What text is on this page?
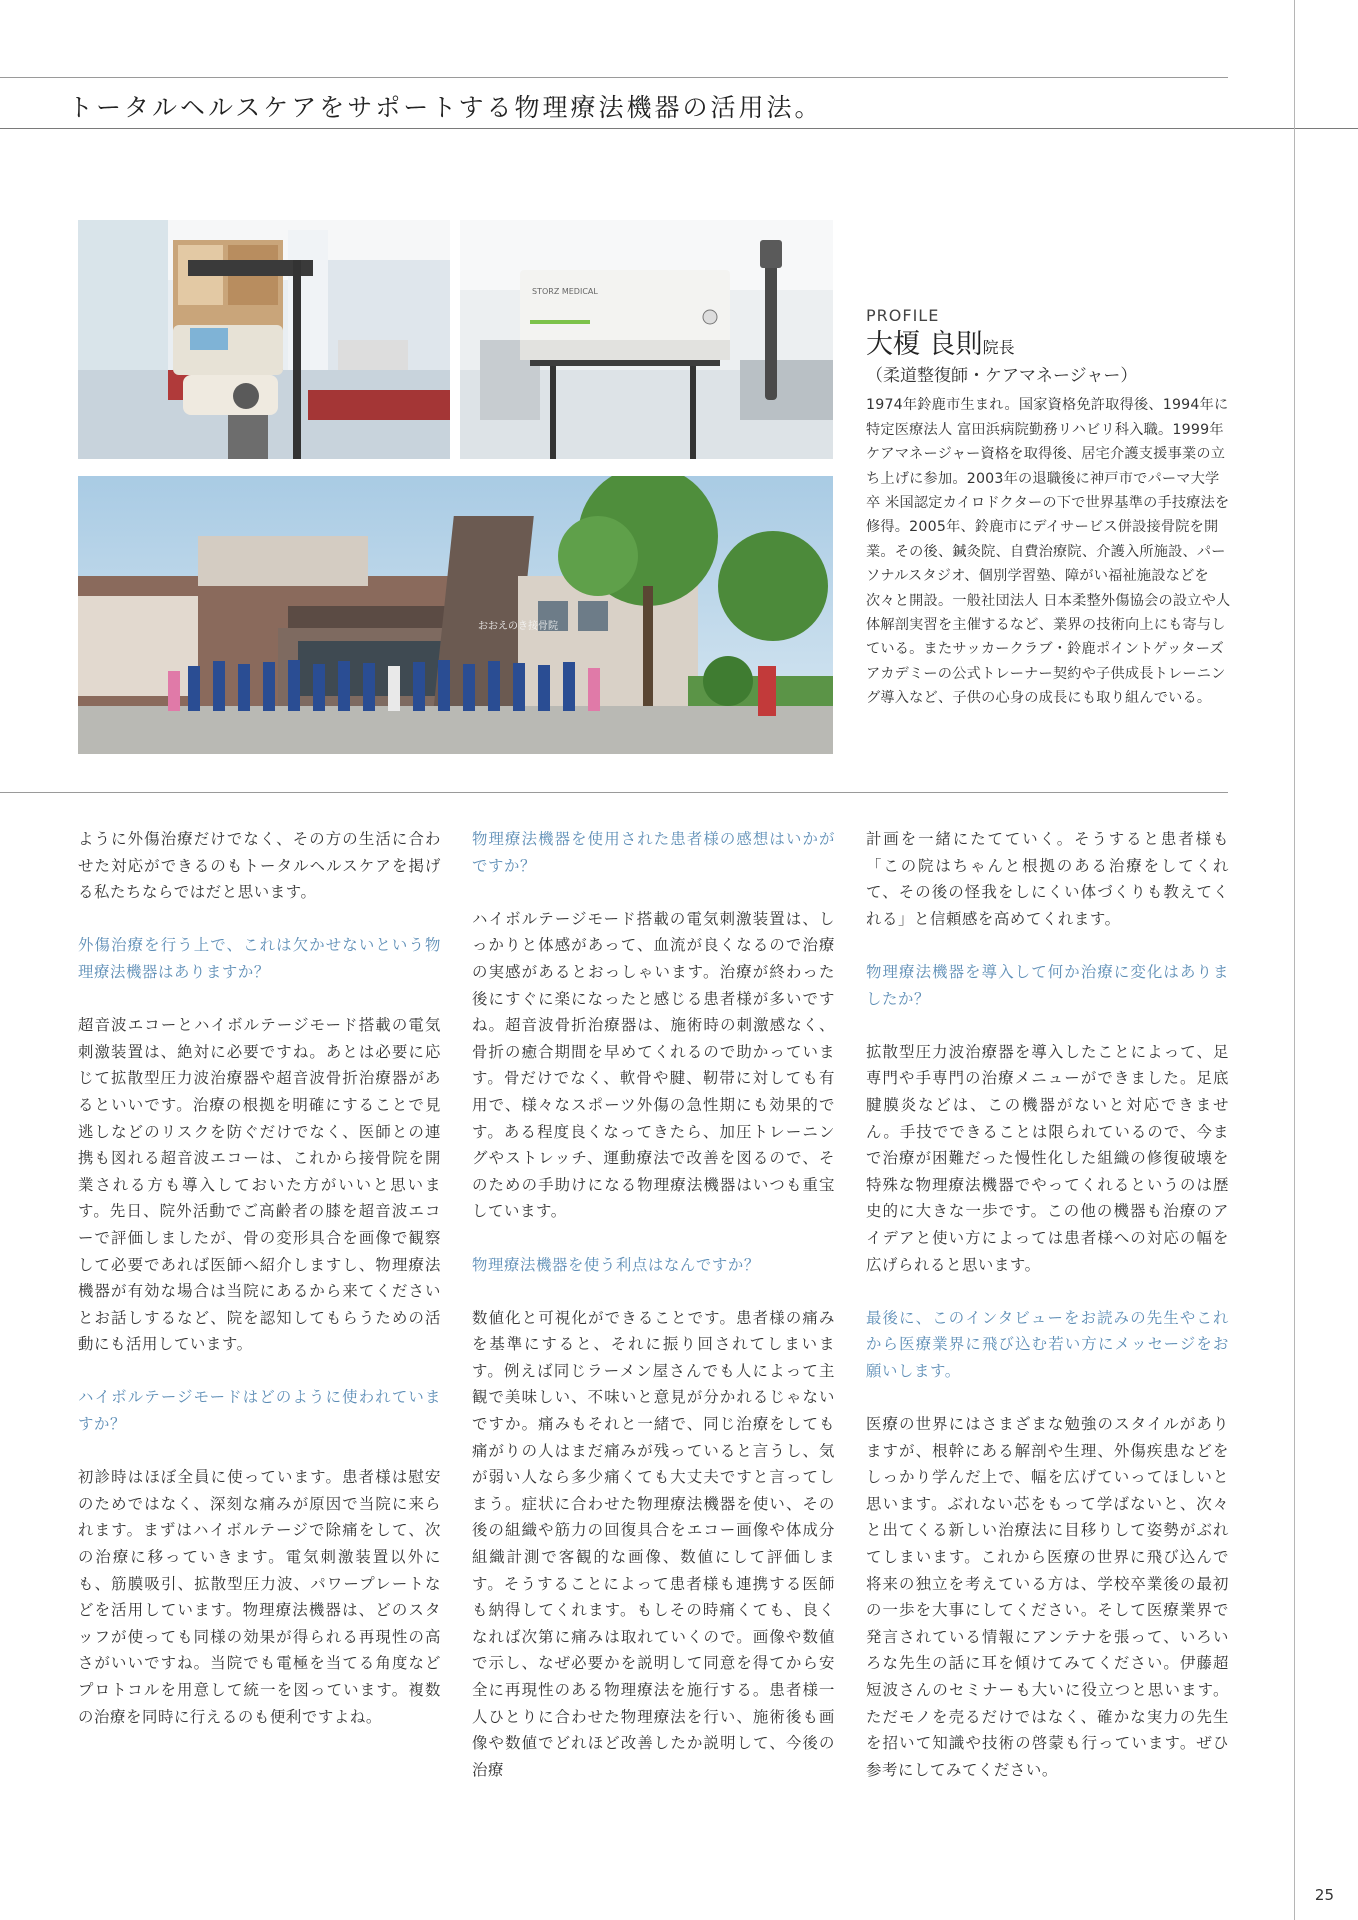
トータルヘルスケアをサポートする物理療法機器の活用法。
STORZ MEDICAL
おおえのき接骨院
PROFILE
大榎 良則院長
（柔道整復師・ケアマネージャー）
1974年鈴鹿市生まれ。国家資格免許取得後、1994年に特定医療法人 富田浜病院勤務リハビリ科入職。1999年ケアマネージャー資格を取得後、居宅介護支援事業の立ち上げに参加。2003年の退職後に神戸市でパーマ大学卒 米国認定カイロドクターの下で世界基準の手技療法を修得。2005年、鈴鹿市にデイサービス併設接骨院を開業。その後、鍼灸院、自費治療院、介護入所施設、パーソナルスタジオ、個別学習塾、障がい福祉施設などを次々と開設。一般社団法人 日本柔整外傷協会の設立や人体解剖実習を主催するなど、業界の技術向上にも寄与している。またサッカークラブ・鈴鹿ポイントゲッターズアカデミーの公式トレーナー契約や子供成長トレーニング導入など、子供の心身の成長にも取り組んでいる。

ように外傷治療だけでなく、その方の生活に合わせた対応ができるのもトータルヘルスケアを掲げる私たちならではだと思います。

外傷治療を行う上で、これは欠かせないという物理療法機器はありますか？

超音波エコーとハイボルテージモード搭載の電気刺激装置は、絶対に必要ですね。あとは必要に応じて拡散型圧力波治療器や超音波骨折治療器があるといいです。治療の根拠を明確にすることで見逃しなどのリスクを防ぐだけでなく、医師との連携も図れる超音波エコーは、これから接骨院を開業される方も導入しておいた方がいいと思います。先日、院外活動でご高齢者の膝を超音波エコーで評価しましたが、骨の変形具合を画像で観察して必要であれば医師へ紹介しますし、物理療法機器が有効な場合は当院にあるから来てくださいとお話しするなど、院を認知してもらうための活動にも活用しています。

ハイボルテージモードはどのように使われていますか？

初診時はほぼ全員に使っています。患者様は慰安のためではなく、深刻な痛みが原因で当院に来られます。まずはハイボルテージで除痛をして、次の治療に移っていきます。電気刺激装置以外にも、筋膜吸引、拡散型圧力波、パワープレートなどを活用しています。物理療法機器は、どのスタッフが使っても同様の効果が得られる再現性の高さがいいですね。当院でも電極を当てる角度などプロトコルを用意して統一を図っています。複数の治療を同時に行えるのも便利ですよね。

物理療法機器を使用された患者様の感想はいかがですか？

ハイボルテージモード搭載の電気刺激装置は、しっかりと体感があって、血流が良くなるので治療の実感があるとおっしゃいます。治療が終わった後にすぐに楽になったと感じる患者様が多いですね。超音波骨折治療器は、施術時の刺激感なく、骨折の癒合期間を早めてくれるので助かっています。骨だけでなく、軟骨や腱、靭帯に対しても有用で、様々なスポーツ外傷の急性期にも効果的です。ある程度良くなってきたら、加圧トレーニングやストレッチ、運動療法で改善を図るので、そのための手助けになる物理療法機器はいつも重宝しています。

物理療法機器を使う利点はなんですか？

数値化と可視化ができることです。患者様の痛みを基準にすると、それに振り回されてしまいます。例えば同じラーメン屋さんでも人によって主観で美味しい、不味いと意見が分かれるじゃないですか。痛みもそれと一緒で、同じ治療をしても痛がりの人はまだ痛みが残っていると言うし、気が弱い人なら多少痛くても大丈夫ですと言ってしまう。症状に合わせた物理療法機器を使い、その後の組織や筋力の回復具合をエコー画像や体成分組織計測で客観的な画像、数値にして評価します。そうすることによって患者様も連携する医師も納得してくれます。もしその時痛くても、良くなれば次第に痛みは取れていくので。画像や数値で示し、なぜ必要かを説明して同意を得てから安全に再現性のある物理療法を施行する。患者様一人ひとりに合わせた物理療法を行い、施術後も画像や数値でどれほど改善したか説明して、今後の治療

計画を一緒にたてていく。そうすると患者様も「この院はちゃんと根拠のある治療をしてくれて、その後の怪我をしにくい体づくりも教えてくれる」と信頼感を高めてくれます。

物理療法機器を導入して何か治療に変化はありましたか？

拡散型圧力波治療器を導入したことによって、足専門や手専門の治療メニューができました。足底腱膜炎などは、この機器がないと対応できません。手技でできることは限られているので、今まで治療が困難だった慢性化した組織の修復破壊を特殊な物理療法機器でやってくれるというのは歴史的に大きな一歩です。この他の機器も治療のアイデアと使い方によっては患者様への対応の幅を広げられると思います。

最後に、このインタビューをお読みの先生やこれから医療業界に飛び込む若い方にメッセージをお願いします。

医療の世界にはさまざまな勉強のスタイルがありますが、根幹にある解剖や生理、外傷疾患などをしっかり学んだ上で、幅を広げていってほしいと思います。ぶれない芯をもって学ばないと、次々と出てくる新しい治療法に目移りして姿勢がぶれてしまいます。これから医療の世界に飛び込んで将来の独立を考えている方は、学校卒業後の最初の一歩を大事にしてください。そして医療業界で発言されている情報にアンテナを張って、いろいろな先生の話に耳を傾けてみてください。伊藤超短波さんのセミナーも大いに役立つと思います。ただモノを売るだけではなく、確かな実力の先生を招いて知識や技術の啓蒙も行っています。ぜひ参考にしてみてください。

25
